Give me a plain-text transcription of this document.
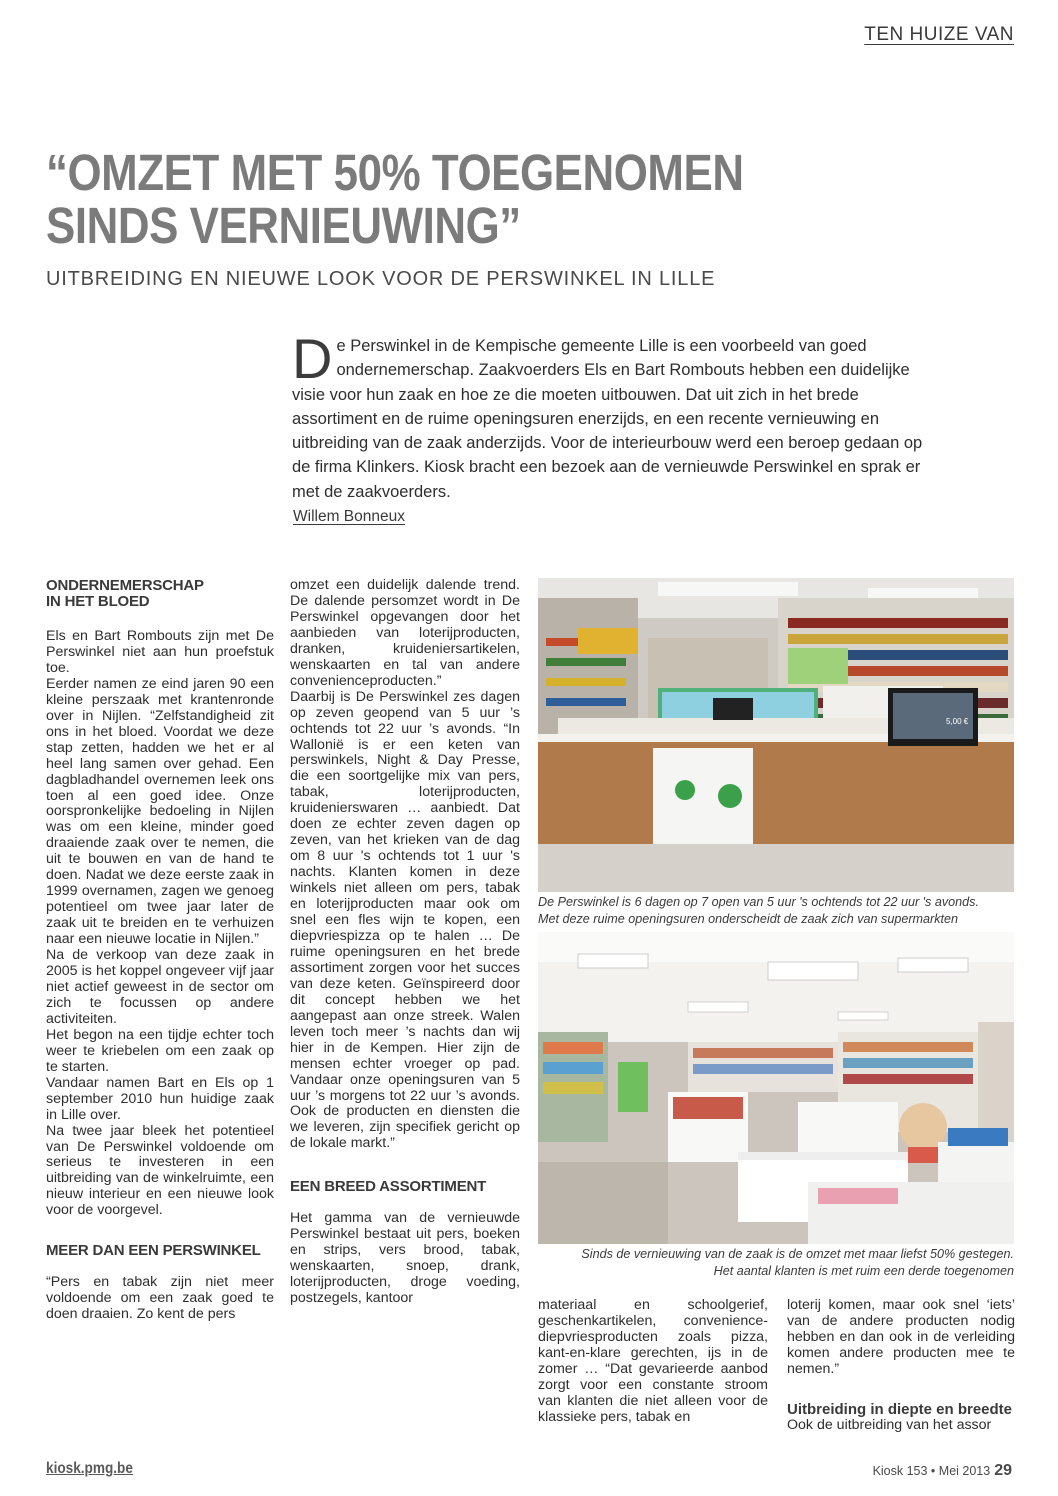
TEN HUIZE VAN
“OMZET MET 50% TOEGENOMEN
SINDS VERNIEUWING”
UITBREIDING EN NIEUWE LOOK VOOR DE PERSWINKEL IN LILLE
De Perswinkel in de Kempische gemeente Lille is een voorbeeld van goed ondernemerschap. Zaakvoerders Els en Bart Rombouts hebben een duidelijke visie voor hun zaak en hoe ze die moeten uitbouwen. Dat uit zich in het brede assortiment en de ruime openingsuren enerzijds, en een recente vernieuwing en uitbreiding van de zaak anderzijds. Voor de interieurbouw werd een beroep gedaan op de firma Klinkers. Kiosk bracht een bezoek aan de vernieuwde Perswinkel en sprak er met de zaakvoerders.
Willem Bonneux
ONDERNEMERSCHAP
IN HET BLOED

Els en Bart Rombouts zijn met De Perswinkel niet aan hun proefstuk toe.

Eerder namen ze eind jaren 90 een kleine perszaak met krantenronde over in Nijlen. “Zelfstandigheid zit ons in het bloed. Voordat we deze stap zetten, hadden we het er al heel lang samen over gehad. Een dagbladhandel overnemen leek ons toen al een goed idee. Onze oorspronkelijke bedoeling in Nijlen was om een kleine, minder goed draaiende zaak over te nemen, die uit te bouwen en van de hand te doen. Nadat we deze eerste zaak in 1999 overnamen, zagen we genoeg potentieel om twee jaar later de zaak uit te breiden en te verhuizen naar een nieuwe locatie in Nijlen.”

Na de verkoop van deze zaak in 2005 is het koppel ongeveer vijf jaar niet actief geweest in de sector om zich te focussen op andere activiteiten.

Het begon na een tijdje echter toch weer te kriebelen om een zaak op te starten.

Vandaar namen Bart en Els op 1 september 2010 hun huidige zaak in Lille over.

Na twee jaar bleek het potentieel van De Perswinkel voldoende om serieus te investeren in een uitbreiding van de winkelruimte, een nieuw interieur en een nieuwe look voor de voorgevel.

MEER DAN EEN PERSWINKEL

“Pers en tabak zijn niet meer voldoende om een zaak goed te doen draaien. Zo kent de pers

omzet een duidelijk dalende trend. De dalende persomzet wordt in De Perswinkel opgevangen door het aanbieden van loterijproducten, dranken, kruideniersartikelen, wenskaarten en tal van andere convenienceproducten.”

Daarbij is De Perswinkel zes dagen op zeven geopend van 5 uur ’s ochtends tot 22 uur ’s avonds. “In Wallonië is er een keten van perswinkels, Night & Day Presse, die een soortgelijke mix van pers, tabak, loterijproducten, kruidenierswaren … aanbiedt. Dat doen ze echter zeven dagen op zeven, van het krieken van de dag om 8 uur 's ochtends tot 1 uur 's nachts. Klanten komen in deze winkels niet alleen om pers, tabak en loterijproducten maar ook om snel een fles wijn te kopen, een diepvriespizza op te halen … De ruime openingsuren en het brede assortiment zorgen voor het succes van deze keten. Geïnspireerd door dit concept hebben we het aangepast aan onze streek. Walen leven toch meer ’s nachts dan wij hier in de Kempen. Hier zijn de mensen echter vroeger op pad. Vandaar onze openingsuren van 5 uur ’s morgens tot 22 uur ’s avonds. Ook de producten en diensten die we leveren, zijn specifiek gericht op de lokale markt.”

EEN BREED ASSORTIMENT

Het gamma van de vernieuwde Perswinkel bestaat uit pers, boeken en strips, vers brood, tabak, wenskaarten, snoep, drank, loterijproducten, droge voeding, postzegels, kantoor

5,00 €
De Perswinkel is 6 dagen op 7 open van 5 uur 's ochtends tot 22 uur 's avonds.
Met deze ruime openingsuren onderscheidt de zaak zich van supermarkten
Sinds de vernieuwing van de zaak is de omzet met maar liefst 50% gestegen.
Het aantal klanten is met ruim een derde toegenomen

materiaal en schoolgerief, geschenkartikelen, conveniencediepvriesproducten zoals pizza, kant-en-klare gerechten, ijs in de zomer … “Dat gevarieerde aanbod zorgt voor een constante stroom van klanten die niet alleen voor de klassieke pers, tabak en

loterij komen, maar ook snel ‘iets’ van de andere producten nodig hebben en dan ook in de verleiding komen andere producten mee te nemen.”

Uitbreiding in diepte en breedte

Ook de uitbreiding van het assor

kiosk.pmg.be	Kiosk 153 • Mei 2013 29
